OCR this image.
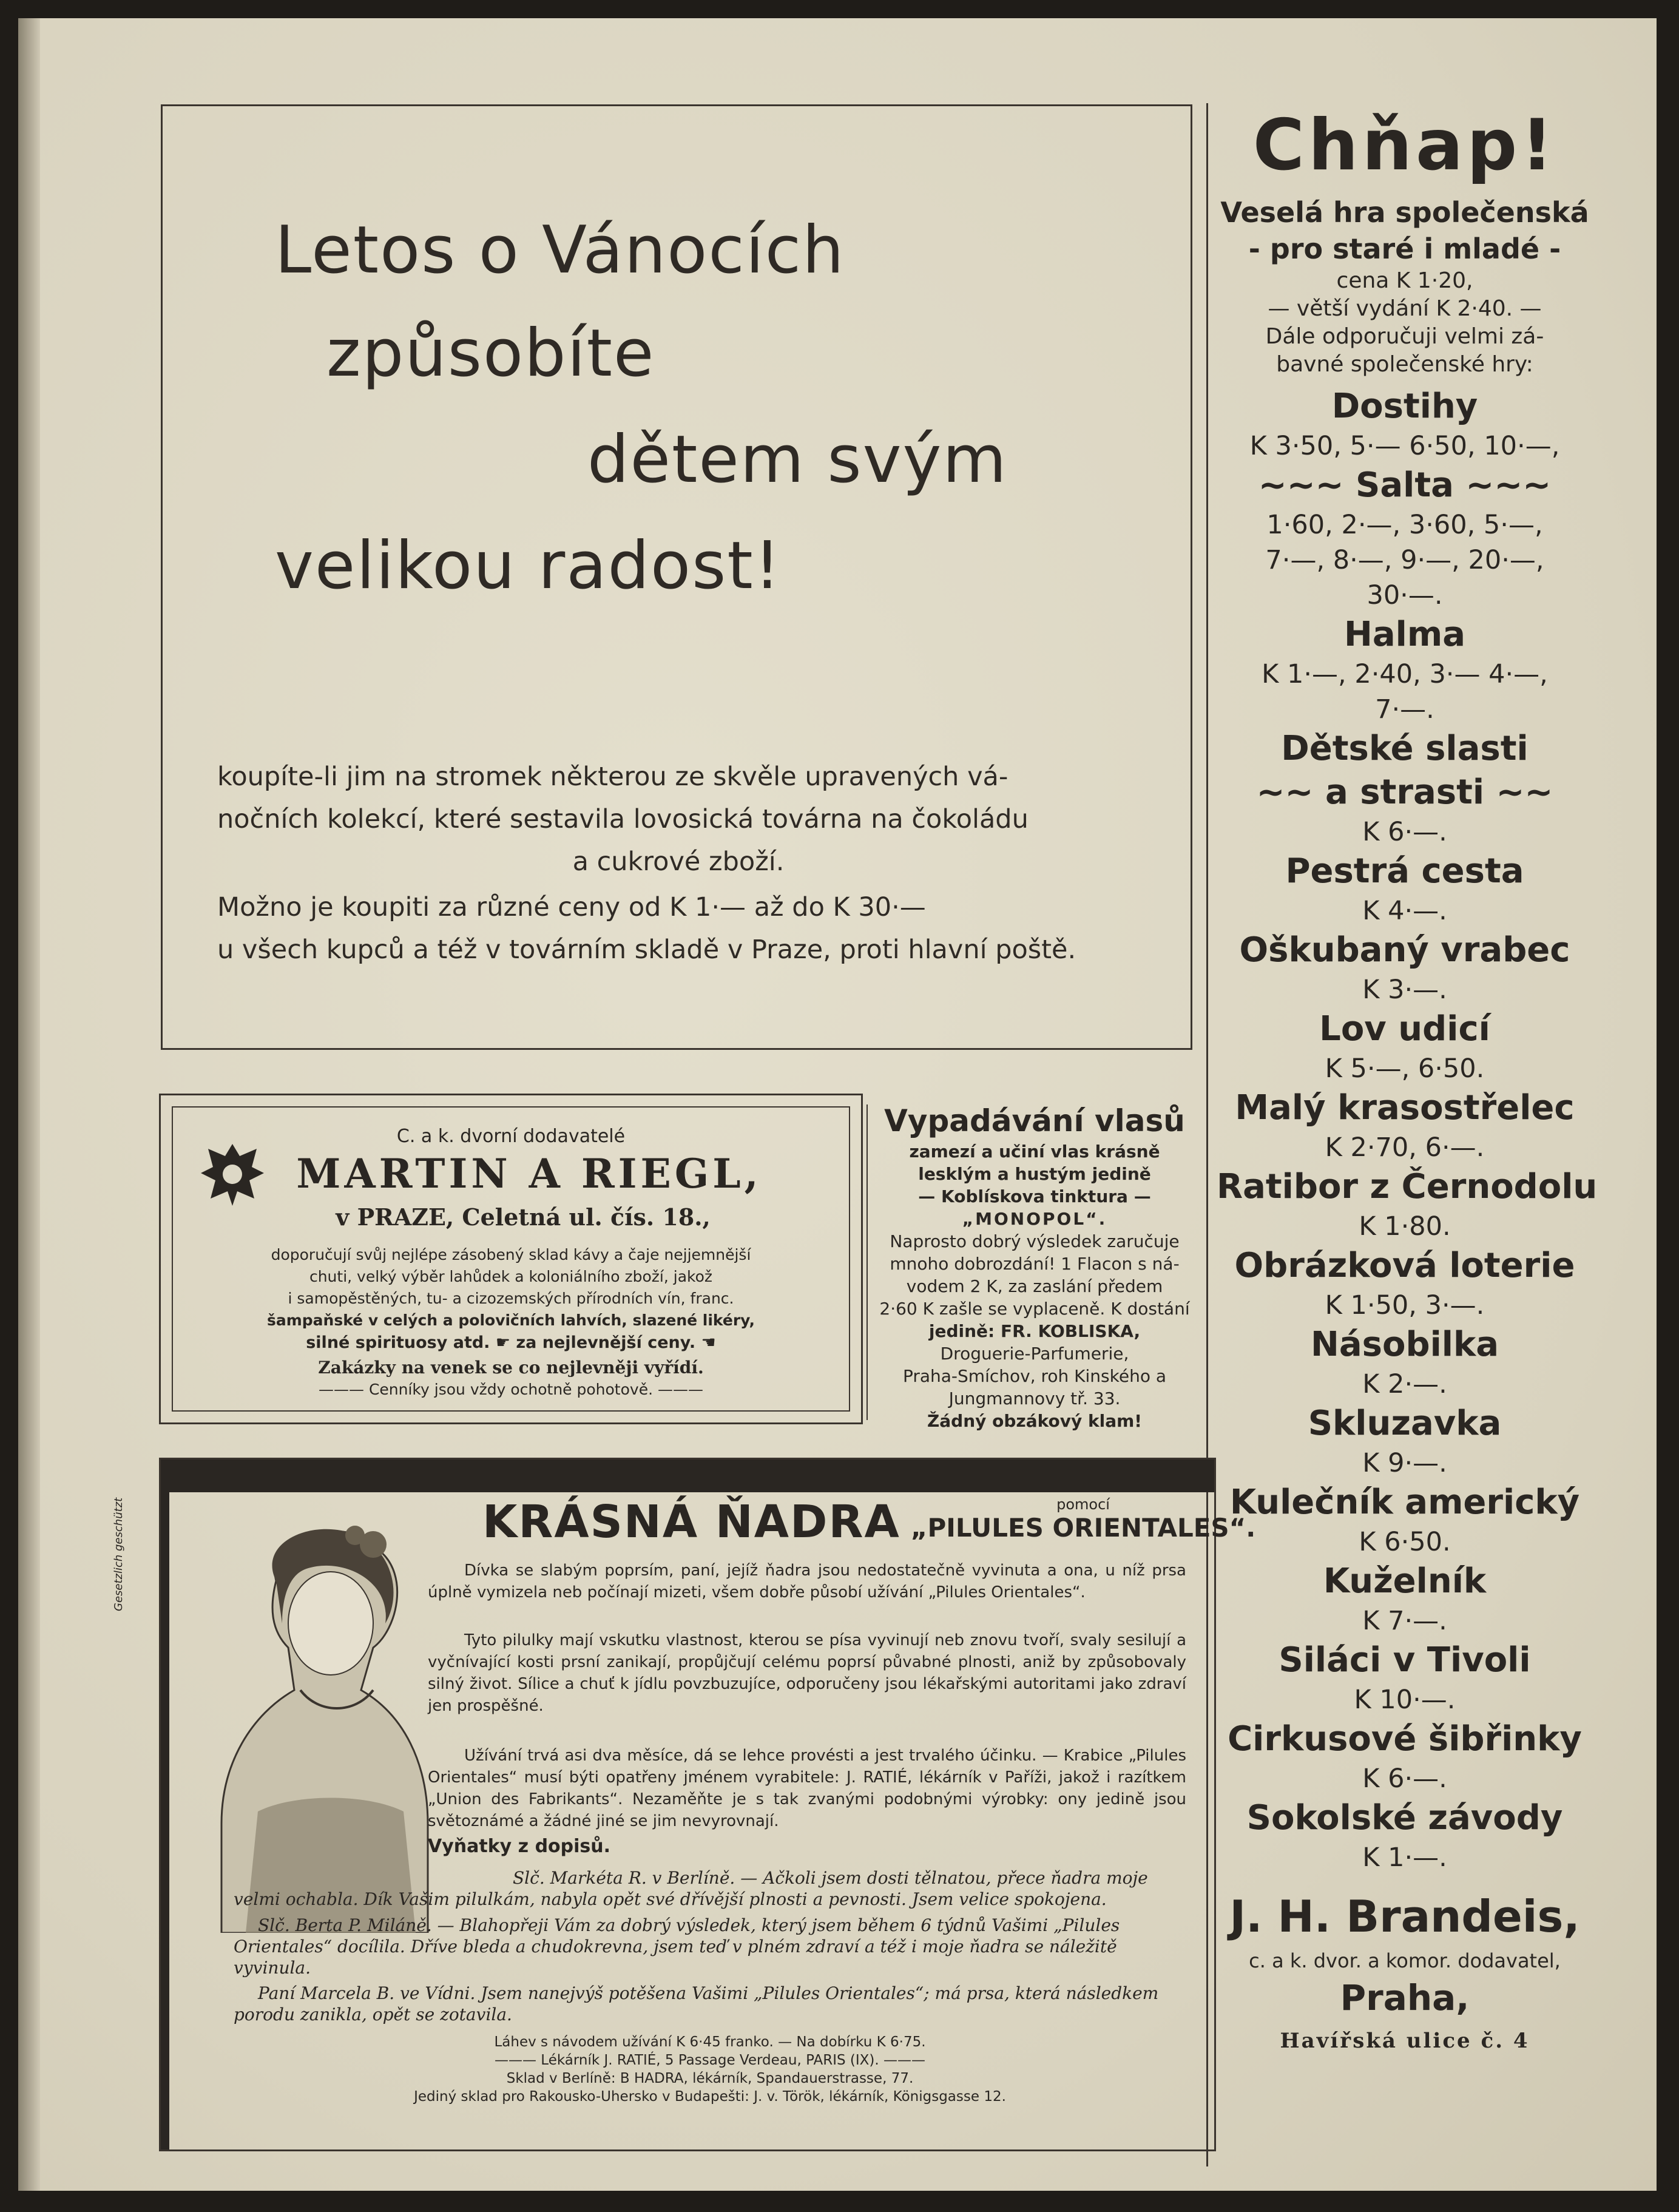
Letos o Vánocích
způsobíte
dětem svým
velikou radost!
koupíte-li jim na stromek některou ze skvěle upravených vá-
nočních kolekcí, které sestavila lovosická továrna na čokoládu
a cukrové zboží.
Možno je koupiti za různé ceny od K 1·— až do K 30·—
u všech kupců a též v továrním skladě v Praze, proti hlavní poště.
C. a k. dvorní dodavatelé
MARTIN A RIEGL,
v PRAZE, Celetná ul. čís. 18.,
doporučují svůj nejlépe zásobený sklad kávy a čaje nejjemnější
chuti, velký výběr lahůdek a koloniálního zboží, jakož
i samopěstěných, tu- a cizozemských přírodních vín, franc.
šampaňské v celých a polovičních lahvích, slazené likéry,
silné spirituosy atd. ☛ za nejlevnější ceny. ☚
Zakázky na venek se co nejlevněji vyřídí.
——— Cenníky jsou vždy ochotně pohotově. ———
Vypadávání vlasů
zamezí a učiní vlas krásně
lesklým a hustým jedině
— Koblískova tinktura —
„MONOPOL“.
Naprosto dobrý výsledek zaručuje
mnoho dobrozdání! 1 Flacon s ná-
vodem 2 K, za zaslání předem
2·60 K zašle se vyplaceně. K dostání
jedině: FR. KOBLISKA,
Droguerie-Parfumerie,
Praha-Smíchov, roh Kinského a
Jungmannovy tř. 33.
Žádný obzákový klam!
Gesetzlich geschützt	KRÁSNÁ ŇADRA	pomocí
„PILULES ORIENTALES“.
Dívka se slabým poprsím, paní, jejíž ňadra jsou nedostatečně vyvinuta a ona, u níž prsa úplně vymizela neb počínají mizeti, všem dobře působí užívání „Pilules Orientales“.
Tyto pilulky mají vskutku vlastnost, kterou se písa vyvinují neb znovu tvoří, svaly sesilují a vyčnívající kosti prsní zanikají, propůjčují celému poprsí půvabné plnosti, aniž by způsobovaly silný život. Sílice a chuť k jídlu povzbuzujíce, odporučeny jsou lékařskými autoritami jako zdraví jen prospěšné.
Užívání trvá asi dva měsíce, dá se lehce provésti a jest trvalého účinku. — Krabice „Pilules Orientales“ musí býti opatřeny jménem vyrabitele: J. RATIÉ, lékárník v Paříži, jakož i razítkem „Union des Fabrikants“. Nezaměňte je s tak zvanými podobnými výrobky: ony jedině jsou světoznámé a žádné jiné se jim nevyrovnají.
Vyňatky z dopisů.
Slč. Markéta R. v Berlíně. — Ačkoli jsem dosti tělnatou, přece ňadra moje velmi ochabla. Dík Vašim pilulkám, nabyla opět své dřívější plnosti a pevnosti. Jsem velice spokojena.
Slč. Berta P. Miláně. — Blahopřeji Vám za dobrý výsledek, který jsem během 6 týdnů Vašimi „Pilules Orientales“ docílila. Dříve bleda a chudokrevna, jsem teď v plném zdraví a též i moje ňadra se náležitě vyvinula.
Paní Marcela B. ve Vídni. Jsem nanejvýš potěšena Vašimi „Pilules Orientales“; má prsa, která následkem porodu zanikla, opět se zotavila.
Láhev s návodem užívání K 6·45 franko. — Na dobírku K 6·75.
——— Lékárník J. RATIÉ, 5 Passage Verdeau, PARIS (IX). ———
Sklad v Berlíně: B HADRA, lékárník, Spandauerstrasse, 77.
Jediný sklad pro Rakousko-Uhersko v Budapešti: J. v. Török, lékárník, Königsgasse 12.
Chňap!
Veselá hra společenská
- pro staré i mladé -
cena K 1·20,
— větší vydání K 2·40. —
Dále odporučuji velmi zá-
bavné společenské hry:
Dostihy
K 3·50, 5·— 6·50, 10·—,
~~~ Salta ~~~
1·60, 2·—, 3·60, 5·—,
7·—, 8·—, 9·—, 20·—,
30·—.
Halma
K 1·—, 2·40, 3·— 4·—,
7·—.
Dětské slasti
~~ a strasti ~~
K 6·—.
Pestrá cesta
K 4·—.
Oškubaný vrabec
K 3·—.
Lov udicí
K 5·—, 6·50.
Malý krasostřelec
K 2·70, 6·—.
Ratibor z Černodolu
K 1·80.
Obrázková loterie
K 1·50, 3·—.
Násobilka
K 2·—.
Skluzavka
K 9·—.
Kulečník americký
K 6·50.
Kuželník
K 7·—.
Siláci v Tivoli
K 10·—.
Cirkusové šibřinky
K 6·—.
Sokolské závody
K 1·—.
J. H. Brandeis,
c. a k. dvor. a komor. dodavatel,
Praha,
Havířská ulice č. 4
